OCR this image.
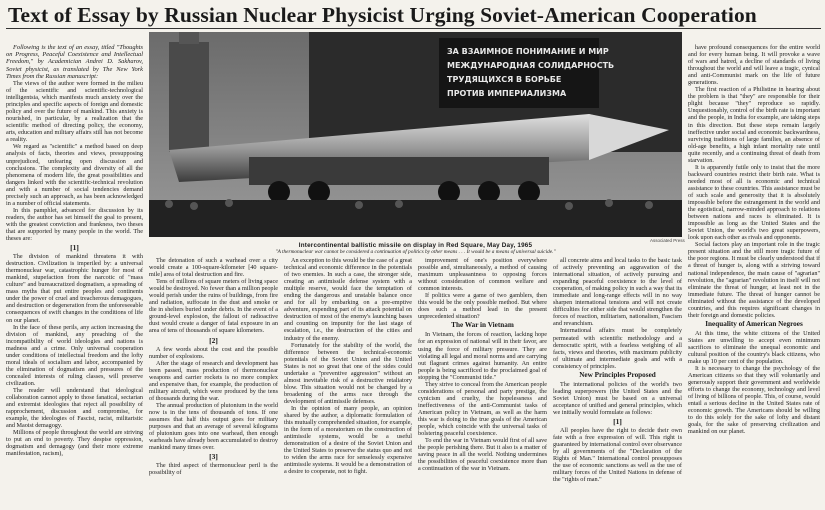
Text of Essay by Russian Nuclear Physicist Urging Soviet-American Cooperation

Following is the text of an essay, titled "Thoughts on Progress, Peaceful Coexistence and Intellectual Freedom," by Academician Andrei D. Sakharov, Soviet physicist, as translated by The New York Times from the Russian manuscript:

The views of the author were formed in the milieu of the scientific and scientific-technological intelligentsia, which manifests much anxiety over the principles and specific aspects of foreign and domestic policy and over the future of mankind. This anxiety is nourished, in particular, by a realization that the scientific method of directing policy, the economy, arts, education and military affairs still has not become a reality.

We regard as "scientific" a method based on deep analysis of facts, theories and views, presupposing unprejudiced, unfearing open discussion and conclusions. The complexity and diversity of all the phenomena of modern life, the great possibilities and dangers linked with the scientific-technical revolution and with a number of social tendencies demand precisely such an approach, as has been acknowledged in a number of official statements.

In this pamphlet, advanced for discussion by its readers, the author has set himself the goal to present, with the greatest conviction and frankness, two theses that are supported by many people in the world. The theses are:

[1]

The division of mankind threatens it with destruction. Civilization is imperiled by: a universal thermonuclear war, catastrophic hunger for most of mankind, stupefaction from the narcotic of "mass culture" and bureaucratized dogmatism, a spreading of mass myths that put entire peoples and continents under the power of cruel and treacherous demagogues, and destruction or degeneration from the unforeseeable consequences of swift changes in the conditions of life on our planet.

In the face of these perils, any action increasing the division of mankind, any preaching of the incompatibility of world ideologies and nations is madness and a crime. Only universal cooperation under conditions of intellectual freedom and the lofty moral ideals of socialism and labor, accompanied by the elimination of dogmatism and pressures of the concealed interests of ruling classes, will preserve civilization.

The reader will understand that ideological collaboration cannot apply to those fanatical, sectarian and extremist ideologies that reject all possibility of rapprochement, discussion and compromise, for example, the ideologies of Fascist, racist, militaristic and Maoist demagogy.

Millions of people throughout the world are striving to put an end to poverty. They despise oppression, dogmatism and demagogy (and their more extreme manifestation, racism),

ЗА ВЗАИМНОЕ ПОНИМАНИЕ И МИР
МЕЖДУНАРОДНАЯ СОЛИДАРНОСТЬ
ТРУДЯЩИХСЯ В БОРЬБЕ
ПРОТИВ ИМПЕРИАЛИЗМА
Associated Press
Intercontinental ballistic missile on display in Red Square, May Day, 1965
"A thermonuclear war cannot be considered a continuation of politics by other means . . . It would be a means of universal suicide."

The detonation of such a warhead over a city would create a 100-square-kilometer [40 square-mile] area of total destruction and fire.

Tens of millions of square meters of living space would be destroyed. No fewer than a million people would perish under the ruins of buildings, from fire and radiation, suffocate in the dust and smoke or die in shelters buried under debris. In the event of a ground-level explosion, the fallout of radioactive dust would create a danger of fatal exposure in an area of tens of thousands of square kilometers.

[2]

A few words about the cost and the possible number of explosions.

After the stage of research and development has been passed, mass production of thermonuclear weapons and carrier rockets is no more complex and expensive than, for example, the production of military aircraft, which were produced by the tens of thousands during the war.

The annual production of plutonium in the world now is in the tens of thousands of tons. If one assumes that half this output goes for military purposes and that an average of several kilograms of plutonium goes into one warhead, then enough warheads have already been accumulated to destroy mankind many times over.

[3]

The third aspect of thermonuclear peril is the possibility of

An exception to this would be the case of a great technical and economic difference in the potentials of two enemies. In such a case, the stronger side, creating an antimissile defense system with a multiple reserve, would face the temptation of ending the dangerous and unstable balance once and for all by embarking on a pre-emptive adventure, expending part of its attack potential on destruction of most of the enemy's launching bases and counting on impunity for the last stage of escalation, i.e., the destruction of the cities and industry of the enemy.

Fortunately for the stability of the world, the difference between the technical-economic potentials of the Soviet Union and the United States is not so great that one of the sides could undertake a "preventive aggression" without an almost inevitable risk of a destructive retaliatory blow. This situation would not be changed by a broadening of the arms race through the development of antimissile defenses.

In the opinion of many people, an opinion shared by the author, a diplomatic formulation of this mutually comprehended situation, for example, in the form of a moratorium on the construction of antimissile systems, would be a useful demonstration of a desire of the Soviet Union and the United States to preserve the status quo and not to widen the arms race for senselessly expensive antimissile systems. It would be a demonstration of a desire to cooperate, not to fight.

improvement of one's position everywhere possible and, simultaneously, a method of causing maximum unpleasantness to opposing forces without consideration of common welfare and common interests.

If politics were a game of two gamblers, then this would be the only possible method. But where does such a method lead in the present unprecedented situation?

The War in Vietnam

In Vietnam, the forces of reaction, lacking hope for an expression of national will in their favor, are using the force of military pressure. They are violating all legal and moral norms and are carrying out flagrant crimes against humanity. An entire people is being sacrificed to the proclaimed goal of stopping the "Communist tide."

They strive to conceal from the American people considerations of personal and party prestige, the cynicism and cruelty, the hopelessness and ineffectiveness of the anti-Communist tasks of American policy in Vietnam, as well as the harm this war is doing to the true goals of the American people, which coincide with the universal tasks of bolstering peaceful coexistence.

To end the war in Vietnam would first of all save the people perishing there. But it also is a matter of saving peace in all the world. Nothing undermines the possibilities of peaceful coexistence more than a continuation of the war in Vietnam.

all concrete aims and local tasks to the basic task of actively preventing an aggravation of the international situation, of actively pursuing and expanding peaceful coexistence to the level of cooperation, of making policy in such a way that its immediate and long-range effects will in no way sharpen international tensions and will not create difficulties for either side that would strengthen the forces of reaction, militarism, nationalism, Fascism and revanchism.

International affairs must be completely permeated with scientific methodology and a democratic spirit, with a fearless weighing of all facts, views and theories, with maximum publicity of ultimate and intermediate goals and with a consistency of principles.

New Principles Proposed

The international policies of the world's two leading superpowers (the United States and the Soviet Union) must be based on a universal acceptance of unified and general principles, which we initially would formulate as follows:

[1]

All peoples have the right to decide their own fate with a free expression of will. This right is guaranteed by international control over observance by all governments of the "Declaration of the Rights of Man." International control presupposes the use of economic sanctions as well as the use of military forces of the United Nations in defense of the "rights of man."

have profound consequences for the entire world and for every human being. It will provoke a wave of wars and hatred, a decline of standards of living throughout the world and will leave a tragic, cynical and anti-Communist mark on the life of future generations.

The first reaction of a Philistine in hearing about the problem is that "they" are responsible for their plight because "they" reproduce so rapidly. Unquestionably, control of the birth rate is important and the people, in India for example, are taking steps in this direction. But these steps remain largely ineffective under social and economic backwardness, surviving traditions of large families, an absence of old-age benefits, a high infant mortality rate until quite recently, and a continuing threat of death from starvation.

It is apparently futile only to insist that the more backward countries restrict their birth rate. What is needed most of all is economic and technical assistance to these countries. This assistance must be of such scale and generosity that it is absolutely impossible before the estrangement in the world and the egotistical, narrow-minded approach to relations between nations and races is eliminated. It is impossible as long as the United States and the Soviet Union, the world's two great superpowers, look upon each other as rivals and opponents.

Social factors play an important role in the tragic present situation and the still more tragic future of the poor regions. It must be clearly understood that if a threat of hunger is, along with a striving toward national independence, the main cause of "agrarian" revolution, the "agrarian" revolution in itself will not eliminate the threat of hunger, at least not in the immediate future. The threat of hunger cannot be eliminated without the assistance of the developed countries, and this requires significant changes in their foreign and domestic policies.

Inequality of American Negroes

At this time, the white citizens of the United States are unwilling to accept even minimum sacrifices to eliminate the unequal economic and cultural position of the country's black citizens, who make up 10 per cent of the population.

It is necessary to change the psychology of the American citizens so that they will voluntarily and generously support their government and worldwide efforts to change the economy, technology and level of living of billions of people. This, of course, would entail a serious decline in the United States rate of economic growth. The Americans should be willing to do this solely for the sake of lofty and distant goals, for the sake of preserving civilization and mankind on our planet.
